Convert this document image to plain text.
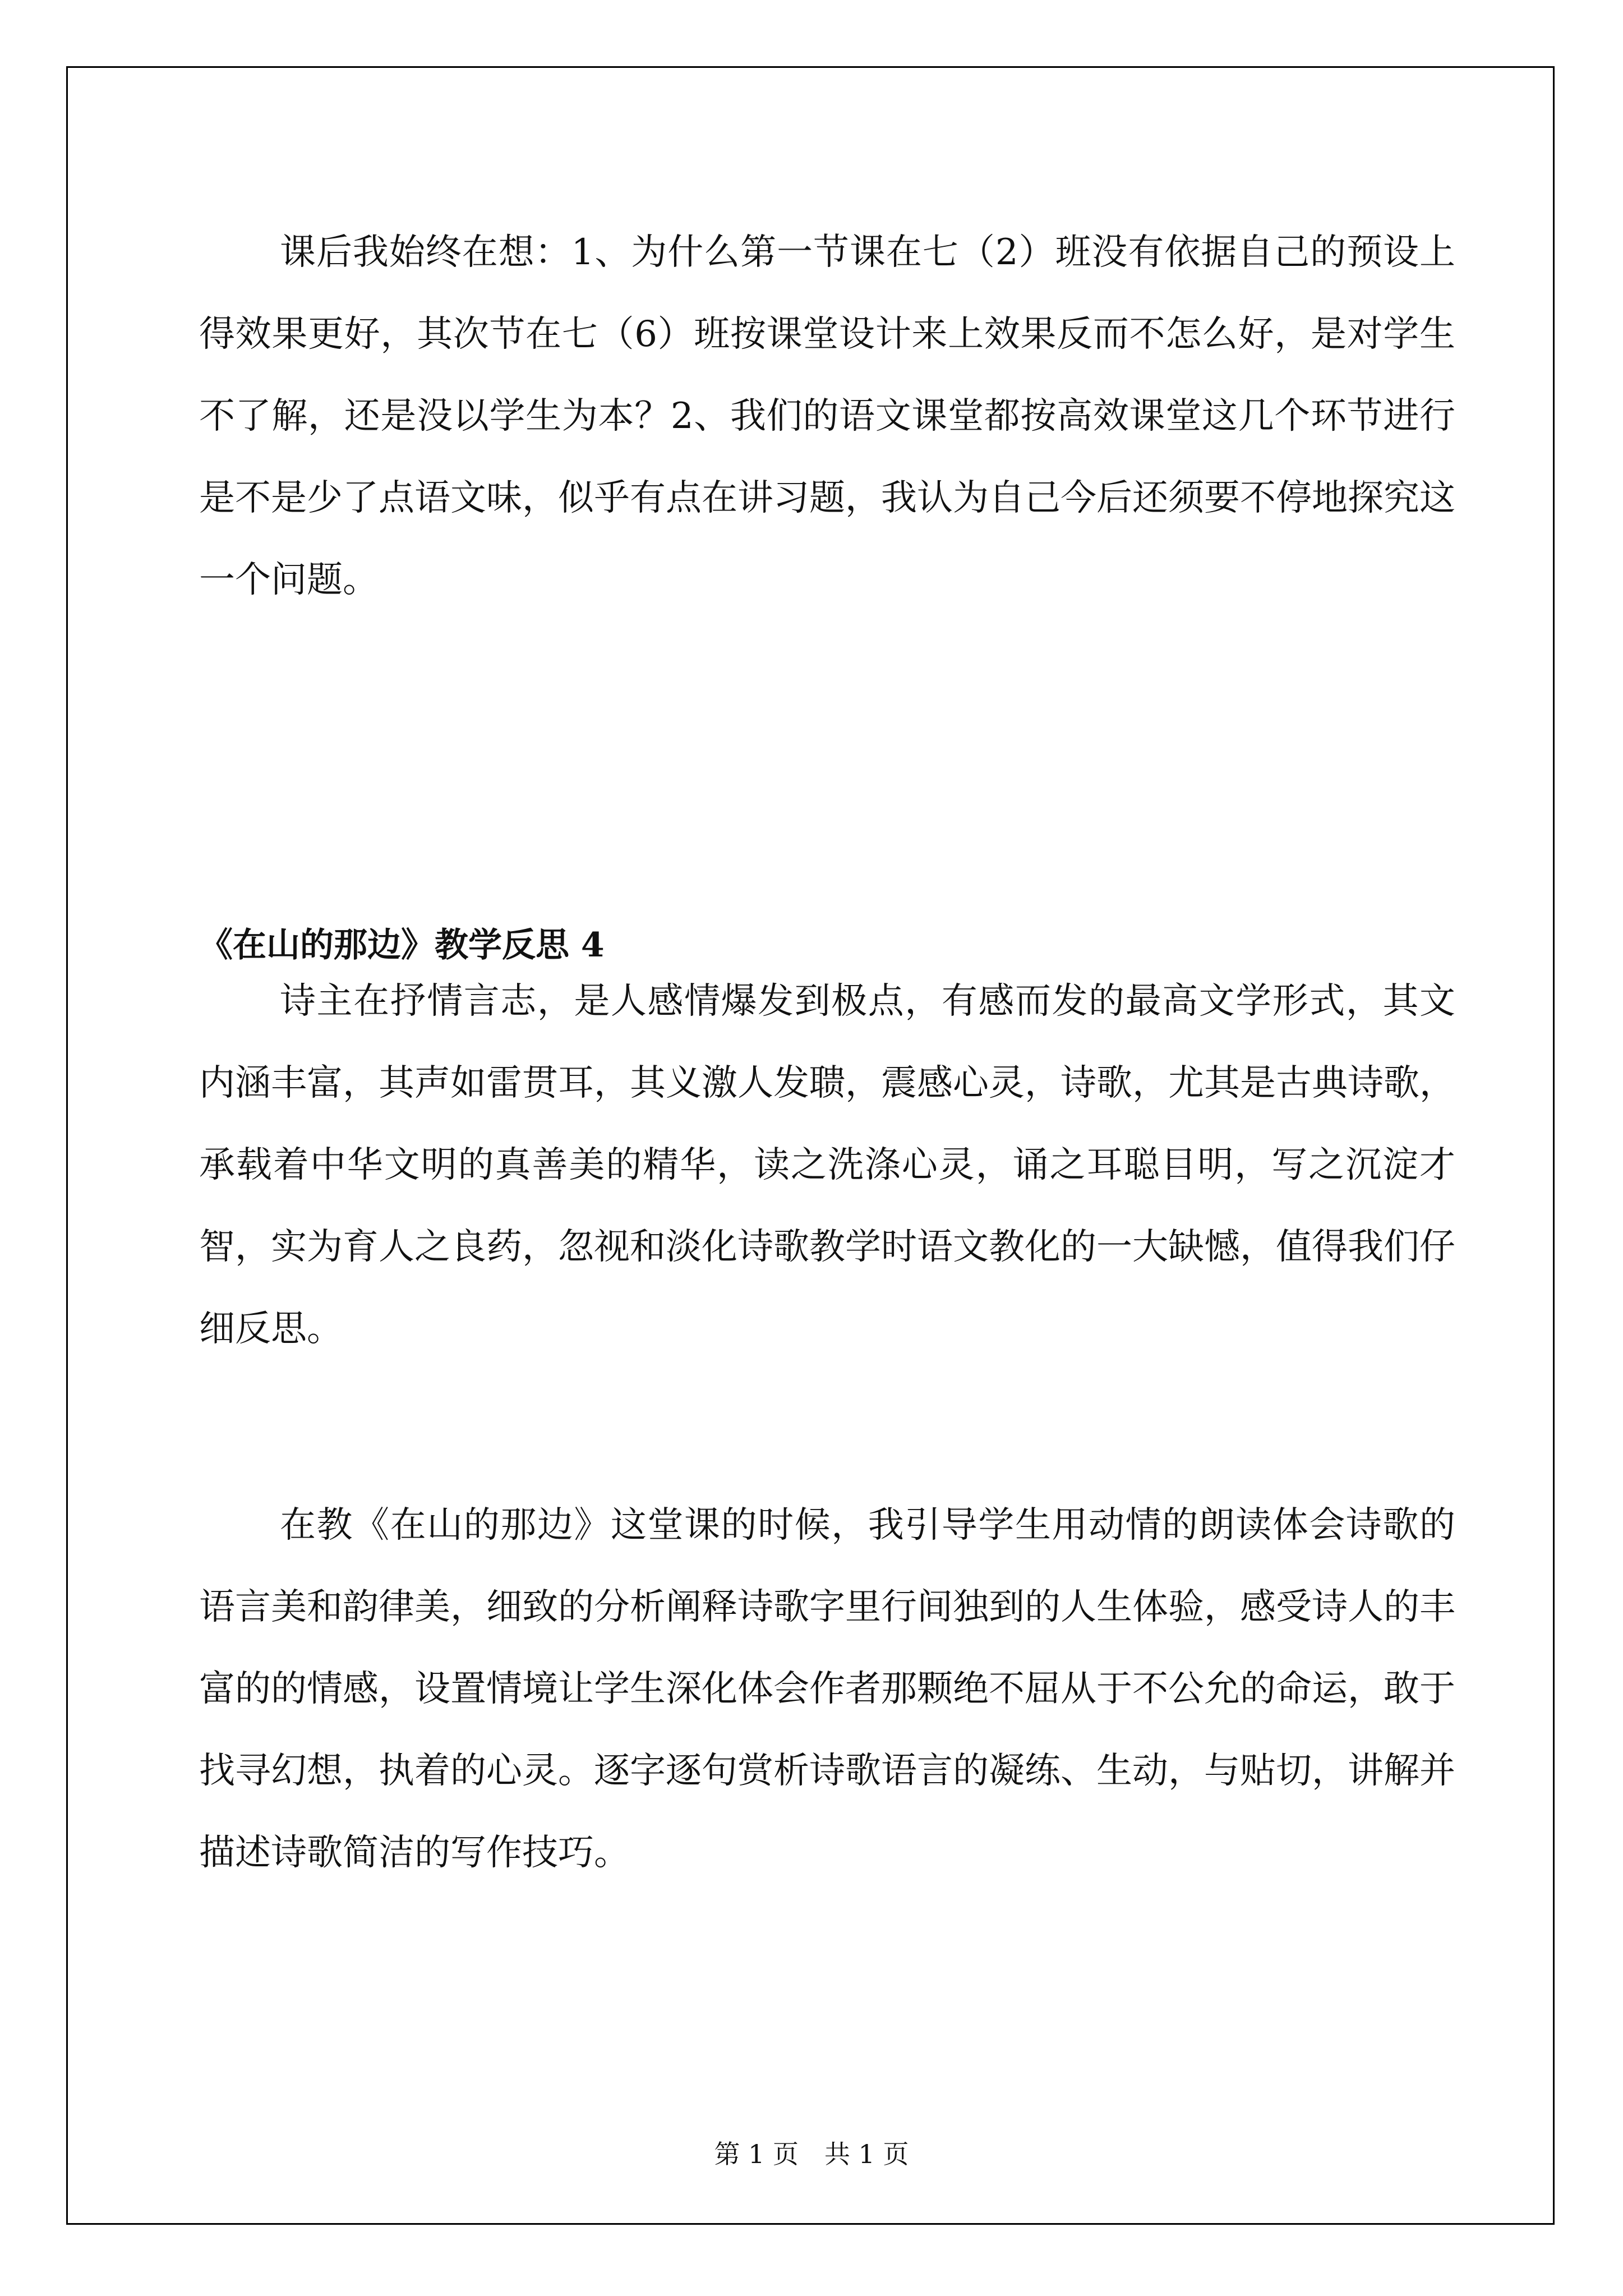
课后我始终在想：1、为什么第一节课在七（2）班没有依据自己的预设上得效果更好，其次节在七（6）班按课堂设计来上效果反而不怎么好，是对学生不了解，还是没以学生为本？2、我们的语文课堂都按高效课堂这几个环节进行是不是少了点语文味，似乎有点在讲习题，我认为自己今后还须要不停地探究这一个问题。

《在山的那边》教学反思 4

诗主在抒情言志，是人感情爆发到极点，有感而发的最高文学形式，其文内涵丰富，其声如雷贯耳，其义激人发聩，震感心灵，诗歌，尤其是古典诗歌，承载着中华文明的真善美的精华，读之洗涤心灵，诵之耳聪目明，写之沉淀才智，实为育人之良药，忽视和淡化诗歌教学时语文教化的一大缺憾，值得我们仔细反思。

在教《在山的那边》这堂课的时候，我引导学生用动情的朗读体会诗歌的语言美和韵律美，细致的分析阐释诗歌字里行间独到的人生体验，感受诗人的丰富的的情感，设置情境让学生深化体会作者那颗绝不屈从于不公允的命运，敢于找寻幻想，执着的心灵。逐字逐句赏析诗歌语言的凝练、生动，与贴切，讲解并描述诗歌简洁的写作技巧。

第 1 页　共 1 页
